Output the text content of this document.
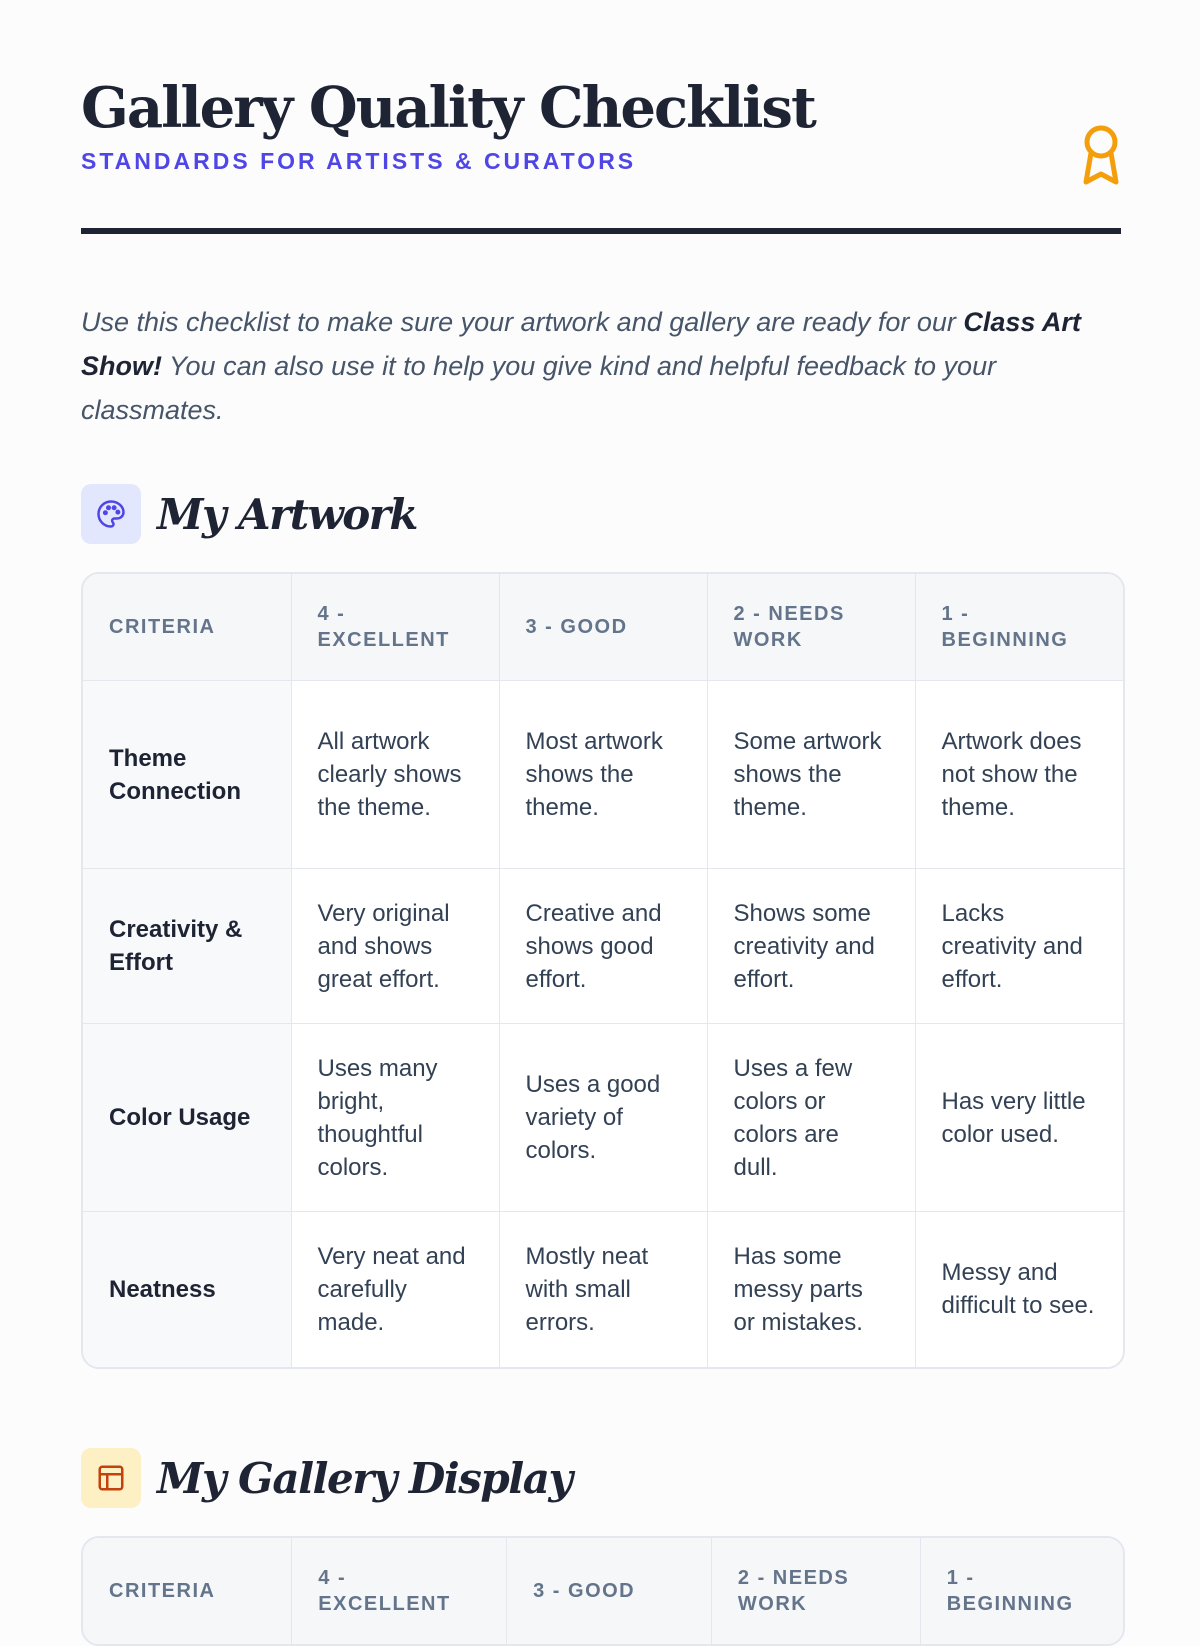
Gallery Quality Checklist
STANDARDS FOR ARTISTS & CURATORS

Use this checklist to make sure your artwork and gallery are ready for our Class Art Show! You can also use it to help you give kind and helpful feedback to your classmates.

My Artwork
CRITERIA	4 - EXCELLENT	3 - GOOD	2 - NEEDS WORK	1 - BEGINNING
Theme Connection	All artwork clearly shows the theme.	Most artwork shows the theme.	Some artwork shows the theme.	Artwork does not show the theme.
Creativity & Effort	Very original and shows great effort.	Creative and shows good effort.	Shows some creativity and effort.	Lacks creativity and effort.
Color Usage	Uses many bright, thoughtful colors.	Uses a good variety of colors.	Uses a few colors or colors are dull.	Has very little color used.
Neatness	Very neat and carefully made.	Mostly neat with small errors.	Has some messy parts or mistakes.	Messy and difficult to see.
My Gallery Display
CRITERIA	4 - EXCELLENT	3 - GOOD	2 - NEEDS WORK	1 - BEGINNING
